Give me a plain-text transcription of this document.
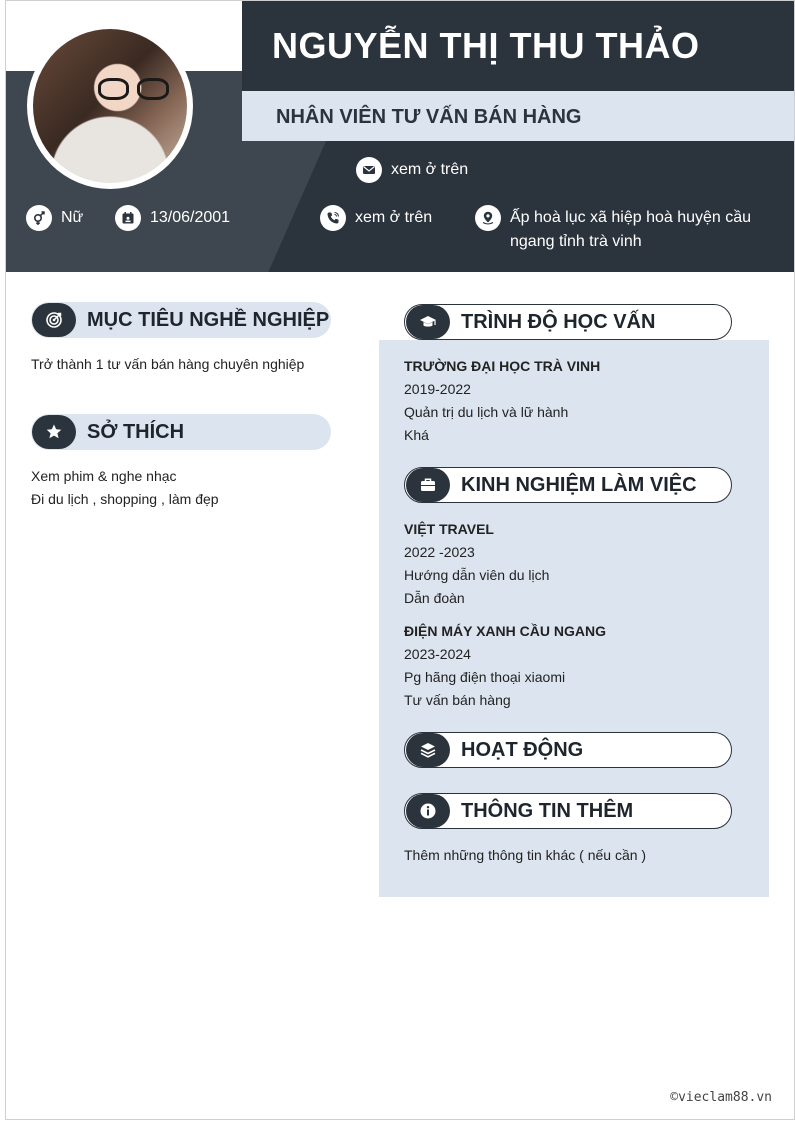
NGUYỄN THỊ THU THẢO
NHÂN VIÊN TƯ VẤN BÁN HÀNG
xem ở trên
Nữ	13/06/2001	xem ở trên	Ấp hoà lục xã hiệp hoà huyện cầu ngang tỉnh trà vinh
MỤC TIÊU NGHỀ NGHIỆP
Trở thành 1 tư vấn bán hàng chuyên nghiệp
SỞ THÍCH
Xem phim & nghe nhạc
Đi du lịch , shopping , làm đẹp
TRÌNH ĐỘ HỌC VẤN
TRƯỜNG ĐẠI HỌC TRÀ VINH
2019-2022
Quản trị du lịch và lữ hành
Khá
KINH NGHIỆM LÀM VIỆC
VIỆT TRAVEL
2022 -2023
Hướng dẫn viên du lịch
Dẫn đoàn
ĐIỆN MÁY XANH CẦU NGANG
2023-2024
Pg hãng điện thoại xiaomi
Tư vấn bán hàng
HOẠT ĐỘNG
THÔNG TIN THÊM
Thêm những thông tin khác ( nếu cần )
©vieclam88.vn
